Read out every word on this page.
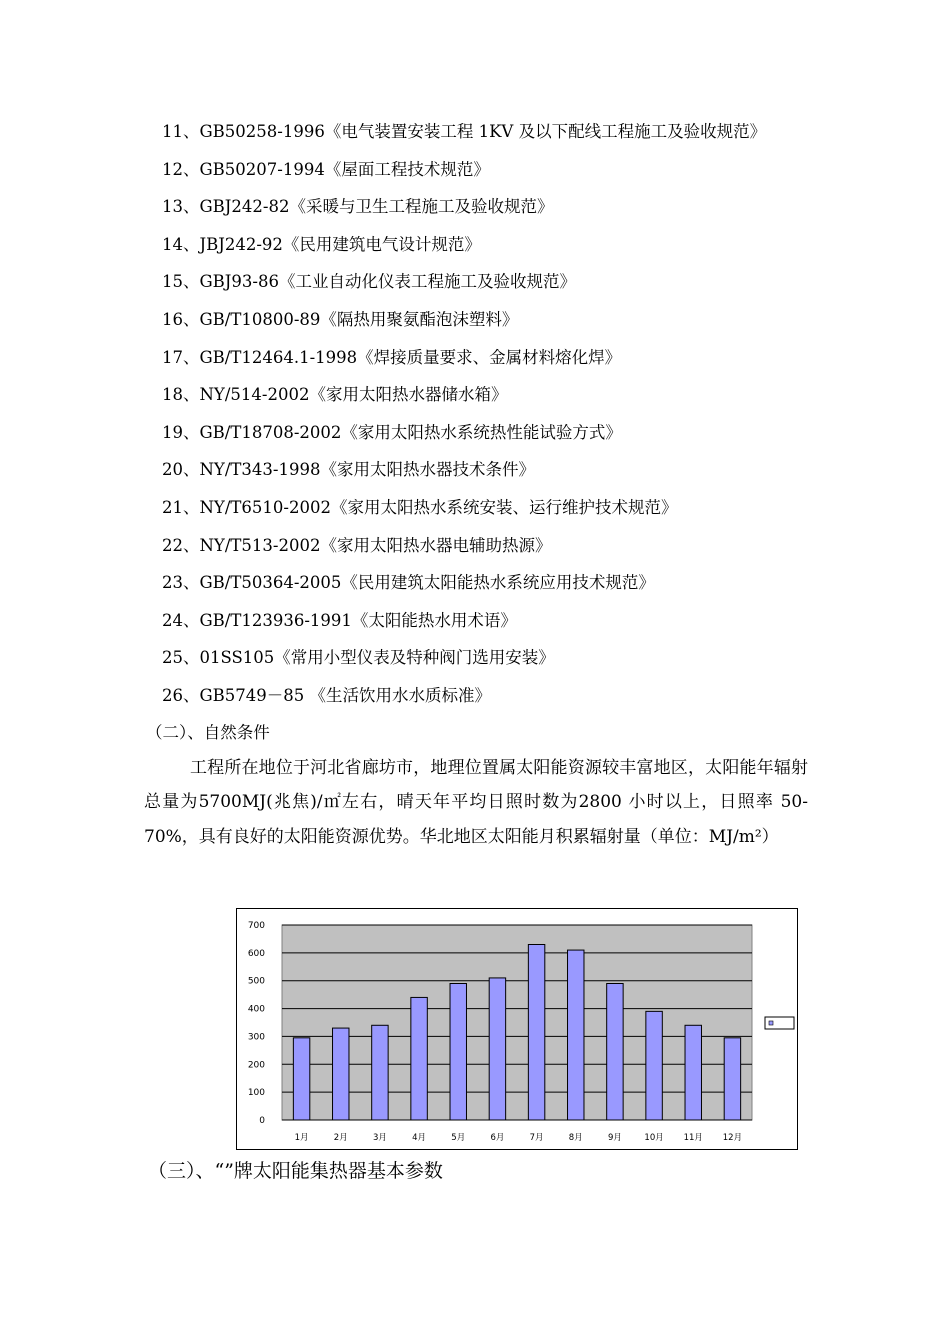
11、GB50258-1996《电气装置安装工程 1KV 及以下配线工程施工及验收规范》
12、GB50207-1994《屋面工程技术规范》
13、GBJ242-82《采暖与卫生工程施工及验收规范》
14、JBJ242-92《民用建筑电气设计规范》
15、GBJ93-86《工业自动化仪表工程施工及验收规范》
16、GB/T10800-89《隔热用聚氨酯泡沫塑料》
17、GB/T12464.1-1998《焊接质量要求、金属材料熔化焊》
18、NY/514-2002《家用太阳热水器储水箱》
19、GB/T18708-2002《家用太阳热水系统热性能试验方式》
20、NY/T343-1998《家用太阳热水器技术条件》
21、NY/T6510-2002《家用太阳热水系统安装、运行维护技术规范》
22、NY/T513-2002《家用太阳热水器电辅助热源》
23、GB/T50364-2005《民用建筑太阳能热水系统应用技术规范》
24、GB/T123936-1991《太阳能热水用术语》
25、01SS105《常用小型仪表及特种阀门选用安装》
26、GB5749－85 《生活饮用水水质标准》
（二）、自然条件

工程所在地位于河北省廊坊市，地理位置属太阳能资源较丰富地区，太阳能年辐射总量为5700MJ(兆焦)/㎡左右，晴天年平均日照时数为2800 小时以上，日照率 50-70%，具有良好的太阳能资源优势。华北地区太阳能月积累辐射量（单位：MJ/m²）

0
100
200
300
400
500
600
700
1月	2月	3月	4月	5月	6月	7月	8月	9月	10月 11月 12月
（三）、“”牌太阳能集热器基本参数
